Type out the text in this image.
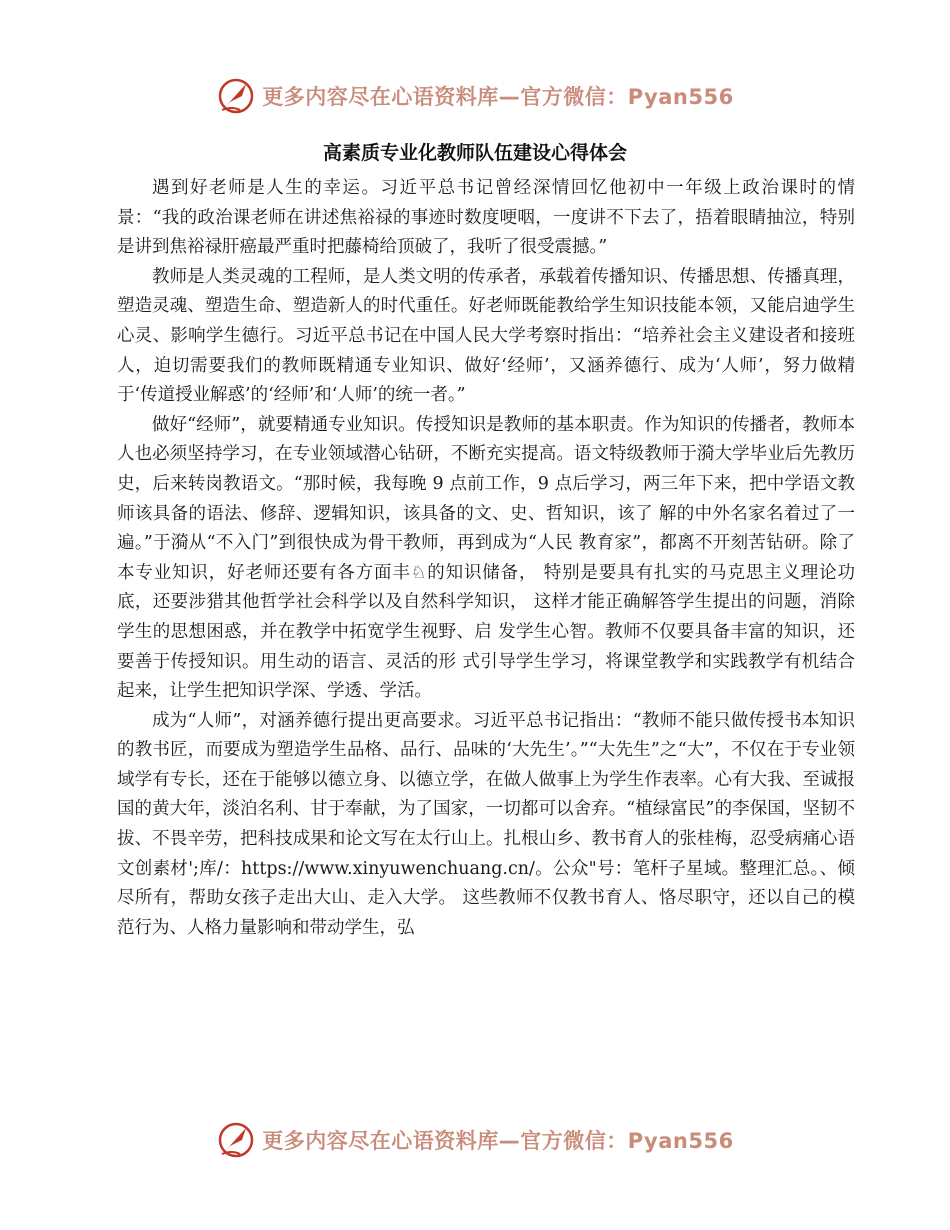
更多内容尽在心语资料库—官方微信：Pyan556
高素质专业化教师队伍建设心得体会

遇到好老师是人生的幸运。习近平总书记曾经深情回忆他初中一年级上政治课时的情景：“我的政治课老师在讲述焦裕禄的事迹时数度哽咽，一度讲不下去了，捂着眼睛抽泣，特别是讲到焦裕禄肝癌最严重时把藤椅给顶破了，我听了很受震撼。”

教师是人类灵魂的工程师，是人类文明的传承者，承载着传播知识、传播思想、传播真理，塑造灵魂、塑造生命、塑造新人的时代重任。好老师既能教给学生知识技能本领，又能启迪学生心灵、影响学生德行。习近平总书记在中国人民大学考察时指出：“培养社会主义建设者和接班人，迫切需要我们的教师既精通专业知识、做好‘经师’，又涵养德行、成为‘人师’，努力做精于‘传道授业解惑’的‘经师’和‘人师’的统一者。”

做好“经师”，就要精通专业知识。传授知识是教师的基本职责。作为知识的传播者，教师本人也必须坚持学习，在专业领域潜心钻研，不断充实提高。语文特级教师于漪大学毕业后先教历史，后来转岗教语文。“那时候，我每晚 9 点前工作，9 点后学习，两三年下来，把中学语文教师该具备的语法、修辞、逻辑知识，该具备的文、史、哲知识，该了 解的中外名家名着过了一遍。”于漪从“不入门”到很快成为骨干教师，再到成为“人民 教育家”，都离不开刻苦钻研。除了本专业知识，好老师还要有各方面丰♘的知识储备， 特别是要具有扎实的马克思主义理论功底，还要涉猎其他哲学社会科学以及自然科学知识， 这样才能正确解答学生提出的问题，消除学生的思想困惑，并在教学中拓宽学生视野、启 发学生心智。教师不仅要具备丰富的知识，还要善于传授知识。用生动的语言、灵活的形 式引导学生学习，将课堂教学和实践教学有机结合起来，让学生把知识学深、学透、学活。

成为“人师”，对涵养德行提出更高要求。习近平总书记指出：“教师不能只做传授书本知识的教书匠，而要成为塑造学生品格、品行、品味的‘大先生’。”“大先生”之“大”，不仅在于专业领域学有专长，还在于能够以德立身、以德立学，在做人做事上为学生作表率。心有大我、至诚报国的黄大年，淡泊名利、甘于奉献，为了国家，一切都可以舍弃。“植绿富民”的李保国，坚韧不拔、不畏辛劳，把科技成果和论文写在太行山上。扎根山乡、教书育人的张桂梅，忍受病痛心语文创素材';库/：https://www.xinyuwenchuang.cn/。公众"号：笔杆子星域。整理汇总。、倾尽所有，帮助女孩子走出大山、走入大学。 这些教师不仅教书育人、恪尽职守，还以自己的模范行为、人格力量影响和带动学生，弘

更多内容尽在心语资料库—官方微信：Pyan556
